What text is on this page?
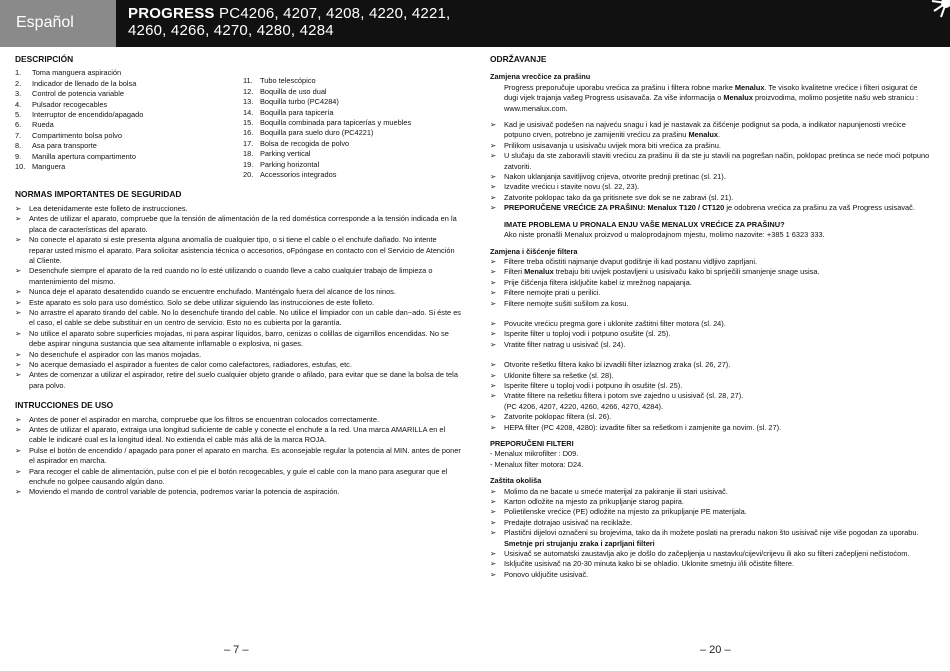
Español
PROGRESS PC4206, 4207, 4208, 4220, 4221,
4260, 4266, 4270, 4280, 4284
DESCRIPCIÓN
1.	Toma manguera aspiración
2.	Indicador de llenado de la bolsa
3.	Control de potencia variable
4.	Pulsador recogecables
5.	Interruptor de encendido/apagado
6.	Rueda
7.	Compartimento bolsa polvo
8.	Asa para transporte
9.	Manilla apertura compartimento
10. Manguera
11. Tubo telescópico
12. Boquilla de uso dual
13. Boquilla turbo (PC4284)
14. Boquilla para tapicería
15. Boquilla combinada para tapicerías y muebles
16. Boquilla para suelo duro (PC4221)
17. Bolsa de recogida de polvo
18. Parking vertical
19. Parking horizontal
20. Accessorios integrados
NORMAS IMPORTANTES DE SEGURIDAD
➢	Lea detenidamente este folleto de instrucciones.
➢	Antes de utilizar el aparato, compruebe que la tensión de alimentación de la red doméstica corresponde a la tensión indicada en la placa de características del aparato.
➢	No conecte el aparato si este presenta alguna anomalía de cualquier tipo, o si tiene el cable o el enchufe dañado. No intente reparar usted mismo el aparato. Para solicitar asistencia técnica o accesorios, oFpóngase en contacto con el Servicio de Atención al Cliente.
➢	Desenchufe siempre el aparato de la red cuando no lo esté utilizando o cuando lleve a cabo cualquier trabajo de limpieza o mantenimiento del mismo.
➢	Nunca deje el aparato desatendido cuando se encuentre enchufado. Manténgalo fuera del alcance de los ninos.
➢	Este aparato es solo para uso doméstico. Solo se debe utilizar siguiendo las instrucciones de este folleto.
➢	No arrastre el aparato tirando del cable. No lo desenchufe tirando del cable. No utilice el limpiador con un cable dan~ado. Si éste es el caso, el cable se debe substituir en un centro de servicio. Esto no es cubierta por la garantía.
➢	No utilice el aparato sobre superficies mojadas, ni para aspirar líquidos, barro, cenizas o colillas de cigarrillos encendidas. No se debe aspirar ninguna sustancia que sea altamente inflamable o explosiva, ni gases.
➢	No desenchufe el aspirador con las manos mojadas.
➢	No acerque demasiado el aspirador a fuentes de calor como calefactores, radiadores, estufas, etc.
➢	Antes de comenzar a utilizar el aspirador, retire del suelo cualquier objeto grande o afilado, para evitar que se dane la bolsa de tela para polvo.
INTRUCCIONES DE USO
➢	Antes de poner el aspirador en marcha, compruebe que los filtros se encuentran colocados correctamente.
➢	Antes de utilizar el aparato, extraiga una longitud suficiente de cable y conecte el enchufe a la red. Una marca AMARILLA en el cable le indicaré cual es la longitud ideal. No extienda el cable más allá de la marca ROJA.
➢	Pulse el botón de encendido / apagado para poner el aparato en marcha. Es aconsejable regular la potencia al MIN. antes de poner el aspirador en marcha.
➢	Para recoger el cable de alimentación, pulse con el pie el botón recogecables, y guíe el cable con la mano para asegurar que el enchufe no golpee causando algún dano.
➢	Moviendo el mando de control variable de potencia, podremos variar la potencia de aspiración.
ODRŽAVANJE
Zamjena vrecčice za prašinu
Progress preporučuje uporabu vrećica za prašinu i filtera robne marke Menalux. Te visoko kvalitetne vrećice i filteri osigurat će dugi vijek trajanja vašeg Progress usisavača. Za više informacija o Menalux proizvodima, molimo posjetite našu web stranicu : www.menalux.com.
➢	Kad je usisivač podešen na najveću snagu i kad je nastavak za čišćenje podignut sa poda, a indikator napunjenosti vrećice potpuno crven, potrebno je zamijeniti vrećicu za prašinu Menalux.
➢	Prilikom usisavanja u usisivaču uvijek mora biti vrećica za prašinu.
➢	U slučaju da ste zaboravili staviti vrećicu za prašinu ili da ste ju stavili na pogrešan način, poklopac pretinca se neće moći potpuno zatvoriti.
➢	Nakon uklanjanja savitljivog crijeva, otvorite prednji pretinac (sl. 21).
➢	Izvadite vrećicu i stavite novu (sl. 22, 23).
➢	Zatvorite poklopac tako da ga pritisnete sve dok se ne zabravi (sl. 21).
➢	PREPORUČENE VREĆICE ZA PRAŠINU: Menalux T120 / CT120 je odobrena vrećica za prašinu za vaš Progress usisavač.
IMATE PROBLEMA U PRONALA ENJU VAŠE MENALUX VREĆICE ZA PRAŠINU?
Ako niste pronašli Menalux proizvod u maloprodajnom mjestu, molimo nazovite: +385 1 6323 333.
Zamjena i čišćenje filtera
➢	Filtere treba očistiti najmanje dvaput godišnje ili kad postanu vidljivo zaprljani.
➢	Filteri Menalux trebaju biti uvijek postavljeni u usisivaču kako bi spriječili smanjenje snage usisa.
➢	Prije čišćenja filtera isključite kabel iz mrežnog napajanja.
➢	Filtere nemojte prati u perilici.
➢	Filtere nemojte sušiti sušilom za kosu.
➢	Povucite vrećicu pregma gore i uklonite zaštitni filter motora (sl. 24).
➢	Isperite filter u toploj vodi i potpuno osušite (sl. 25).
➢	Vratite filter natrag u usisivač (sl. 24).
➢	Otvorite rešetku filtera kako bi izvadili filter izlaznog zraka (sl. 26, 27).
➢	Uklonite filtere sa rešetke (sl. 28).
➢	Isperite filtere u toploj vodi i potpuno ih osušite (sl. 25).
➢	Vratite filtere na rešetku filtera i potom sve zajedno u usisivač (sl. 28, 27).
(PC 4206, 4207, 4220, 4260, 4266, 4270, 4284).
➢	Zatvorite poklopac filtera (sl. 26).
➢	HEPA filter (PC 4208, 4280): izvadite filter sa rešetkom i zamjenite ga novim. (sl. 27).
PREPORUČENI FILTERI
- Menalux mikrofilter : D09.
- Menalux filter motora: D24.
Zaštita okoliša
➢	Molimo da ne bacate u smeće materijal za pakiranje ili stari usisivač.
➢	Karton odložite na mjesto za prikupljanje starog papira.
➢	Polietilenske vrećice (PE) odložite na mjesto za prikupljanje PE materijala.
➢	Predajte dotrajao usisivač na reciklaže.
➢	Plastični dijelovi označeni su brojevima, tako da ih možete poslati na preradu nakon što usisivač nije više pogodan za uporabu.
Smetnje pri strujanju zraka i zaprljani filteri
➢	Usisivač se automatski zaustavlja ako je došlo do začepljenja u nastavku/cijevi/crijevu ili ako su filteri začepljeni nečistoćom.
➢	Isključite usisivač na 20-30 minuta kako bi se ohladio. Uklonite smetnju i/ili očistite filtere.
➢	Ponovo uključite usisivač.
– 7 –	– 20 –
